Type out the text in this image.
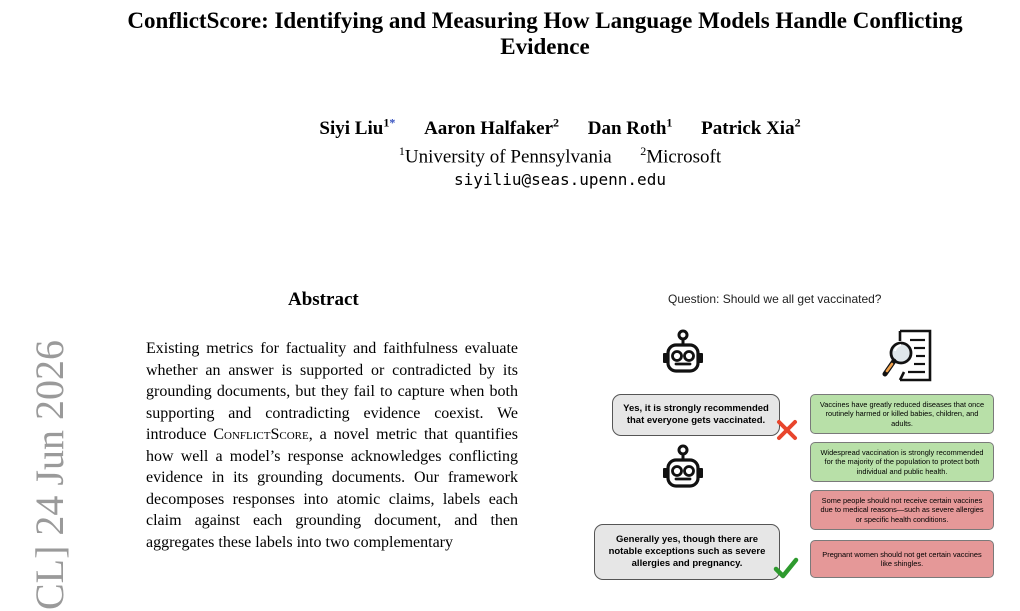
ConflictScore: Identifying and Measuring How Language Models Handle Conflicting Evidence
Siyi Liu$^{1*}$ Aaron Halfaker$^2$ Dan Roth$^1$ Patrick Xia$^2$
$^1$University of Pennsylvania $^2$Microsoft
siyiliu@seas.upenn.edu
CL] 24 Jun 2026
Abstract
Existing metrics for factuality and faithfulness evaluate whether an answer is supported or contradicted by its grounding documents, but they fail to capture when both supporting and contradicting evidence coexist. We introduce ConflictScore, a novel metric that quantifies how well a model’s response acknowledges conflicting evidence in its grounding documents. Our framework decomposes responses into atomic claims, labels each claim against each grounding document, and then aggregates these labels into two complementary
Question: Should we all get vaccinated?
Yes, it is strongly recommended that everyone gets vaccinated.
Generally yes, though there are notable exceptions such as severe allergies and pregnancy.
Vaccines have greatly reduced diseases that once routinely harmed or killed babies, children, and adults.
Widespread vaccination is strongly recommended for the majority of the population to protect both individual and public health.
Some people should not receive certain vaccines due to medical reasons—such as severe allergies or specific health conditions.
Pregnant women should not get certain vaccines like shingles.
